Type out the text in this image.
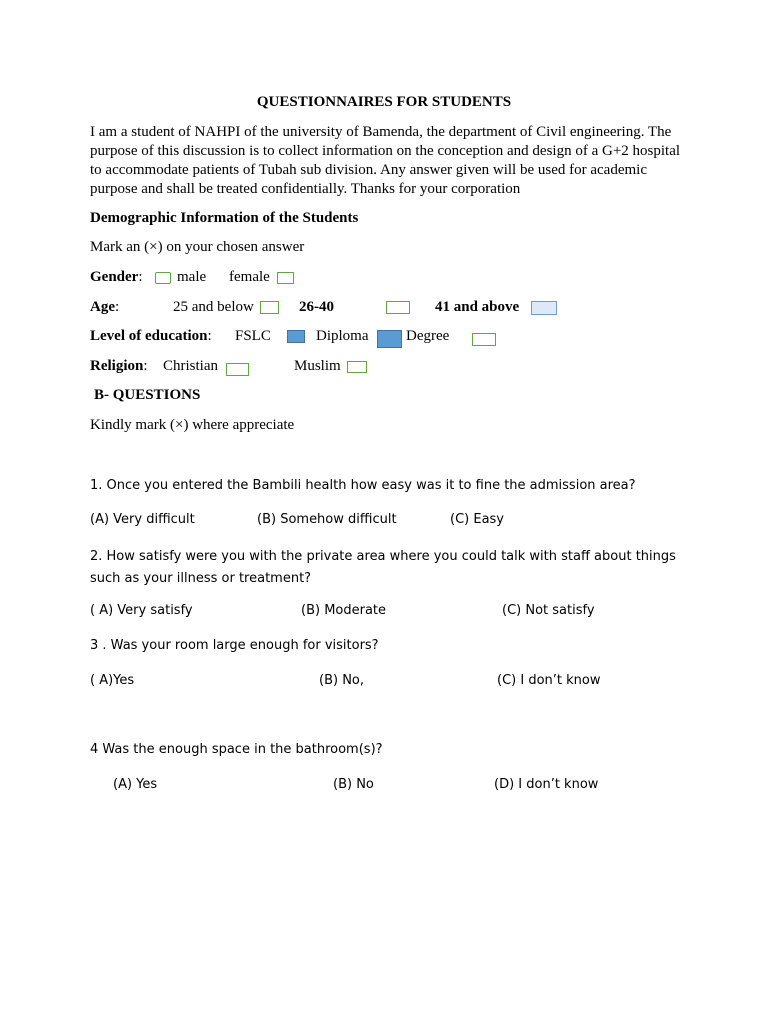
QUESTIONNAIRES FOR STUDENTS
I am a student of NAHPI of the university of Bamenda, the department of Civil engineering. The purpose of this discussion is to collect information on the conception and design of a G+2 hospital to accommodate patients of Tubah sub division. Any answer given will be used for academic purpose and shall be treated confidentially. Thanks for your corporation
Demographic Information of the Students
Mark an (×) on your chosen answer
Gender: male female
Age:	25 and below	26-40	41 and above
Level of education: FSLC	Diploma	Degree
Religion: Christian	Muslim
B- QUESTIONS
Kindly mark (×) where appreciate
1. Once you entered the Bambili health how easy was it to fine the admission area?
(A) Very difficult	(B) Somehow difficult	(C) Easy
2. How satisfy were you with the private area where you could talk with staff about things such as your illness or treatment?
( A) Very satisfy	(B) Moderate	(C) Not satisfy
3 . Was your room large enough for visitors?
( A)Yes	(B) No,	(C) I don’t know
4 Was the enough space in the bathroom(s)?
(A) Yes	(B) No	(D) I don’t know
